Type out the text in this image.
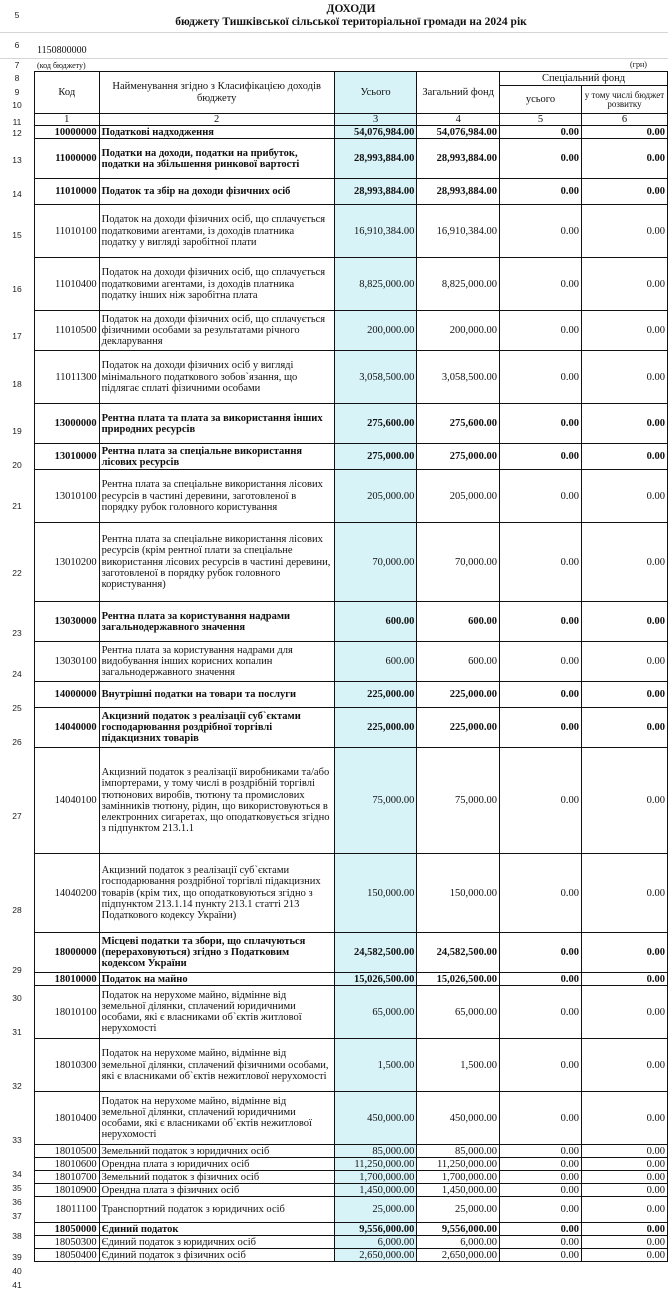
5	ДОХОДИ
бюджету Тишківської сільської територіальної громади на 2024 рік
6	1150800000
7	(код бюджету)	(грн)
8
9
10
11
Код	Найменування згідно з Класифікацією доходів бюджету	Усього	Загальний фонд	Спеціальний фонд	
				усього	у тому числі бюджет розвитку

1	2	3	4	5	6
10000000	Податкові надходження	54,076,984.00	54,076,984.00	0.00	0.00
11000000	Податки на доходи, податки на прибуток, податки на збільшення ринкової вартості	28,993,884.00	28,993,884.00	0.00	0.00
11010000	Податок та збір на доходи фізичних осіб	28,993,884.00	28,993,884.00	0.00	0.00
11010100	Податок на доходи фізичних осіб, що сплачується податковими агентами, із доходів платника податку у вигляді заробітної плати	16,910,384.00	16,910,384.00	0.00	0.00
11010400	Податок на доходи фізичних осіб, що сплачується податковими агентами, із доходів платника податку інших ніж заробітна плата	8,825,000.00	8,825,000.00	0.00	0.00
11010500	Податок на доходи фізичних осіб, що сплачується фізичними особами за результатами річного декларування	200,000.00	200,000.00	0.00	0.00
11011300	Податок на доходи фізичних осіб у вигляді мінімального податкового зобов`язання, що підлягає сплаті фізичними особами	3,058,500.00	3,058,500.00	0.00	0.00
13000000	Рентна плата та плата за використання інших природних ресурсів	275,600.00	275,600.00	0.00	0.00
13010000	Рентна плата за спеціальне використання лісових ресурсів	275,000.00	275,000.00	0.00	0.00
13010100	Рентна плата за спеціальне використання лісових ресурсів в частині деревини, заготовленої в порядку рубок головного користування	205,000.00	205,000.00	0.00	0.00
13010200	Рентна плата за спеціальне використання лісових ресурсів (крім рентної плати за спеціальне використання лісових ресурсів в частині деревини, заготовленої в порядку рубок головного користування)	70,000.00	70,000.00	0.00	0.00
13030000	Рентна плата за користування надрами загальнодержавного значення	600.00	600.00	0.00	0.00
13030100	Рентна плата за користування надрами для видобування інших корисних копалин загальнодержавного значення	600.00	600.00	0.00	0.00
14000000	Внутрішні податки на товари та послуги	225,000.00	225,000.00	0.00	0.00
14040000	Акцизний податок з реалізації суб`єктами господарювання роздрібної торгівлі підакцизних товарів	225,000.00	225,000.00	0.00	0.00
14040100	Акцизний податок з реалізації виробниками та/або імпортерами, у тому числі в роздрібній торгівлі тютюнових виробів, тютюну та промислових замінників тютюну, рідин, що використовуються в електронних сигаретах, що оподатковується згідно з підпунктом 213.1.1	75,000.00	75,000.00	0.00	0.00
14040200	Акцизний податок з реалізації суб`єктами господарювання роздрібної торгівлі підакцизних товарів (крім тих, що оподатковуються згідно з підпунктом 213.1.14 пункту 213.1 статті 213 Податкового кодексу України)	150,000.00	150,000.00	0.00	0.00
18000000	Місцеві податки та збори, що сплачуються (перераховуються) згідно з Податковим кодексом України	24,582,500.00	24,582,500.00	0.00	0.00
18010000	Податок на майно	15,026,500.00	15,026,500.00	0.00	0.00
18010100	Податок на нерухоме майно, відмінне від земельної ділянки, сплачений юридичними особами, які є власниками об`єктів житлової нерухомості	65,000.00	65,000.00	0.00	0.00
18010300	Податок на нерухоме майно, відмінне від земельної ділянки, сплачений фізичними особами, які є власниками об`єктів нежитлової нерухомості	1,500.00	1,500.00	0.00	0.00
18010400	Податок на нерухоме майно, відмінне від земельної ділянки, сплачений юридичними особами, які є власниками об`єктів нежитлової нерухомості	450,000.00	450,000.00	0.00	0.00
18010500	Земельний податок з юридичних осіб	85,000.00	85,000.00	0.00	0.00
18010600	Орендна плата з юридичних осіб	11,250,000.00	11,250,000.00	0.00	0.00
18010700	Земельний податок з фізичних осіб	1,700,000.00	1,700,000.00	0.00	0.00
18010900	Орендна плата з фізичних осіб	1,450,000.00	1,450,000.00	0.00	0.00
18011100	Транспортний податок з юридичних осіб	25,000.00	25,000.00	0.00	0.00
18050000	Єдиний податок	9,556,000.00	9,556,000.00	0.00	0.00
18050300	Єдиний податок з юридичних осіб	6,000.00	6,000.00	0.00	0.00
18050400	Єдиний податок з фізичних осіб	2,650,000.00	2,650,000.00	0.00	0.00
12
13
14
15
16
17
18
19
20
21
22
23
24
25
26
27
28
29
30
31
32
33
34
35
36
37
38
39
40
41
